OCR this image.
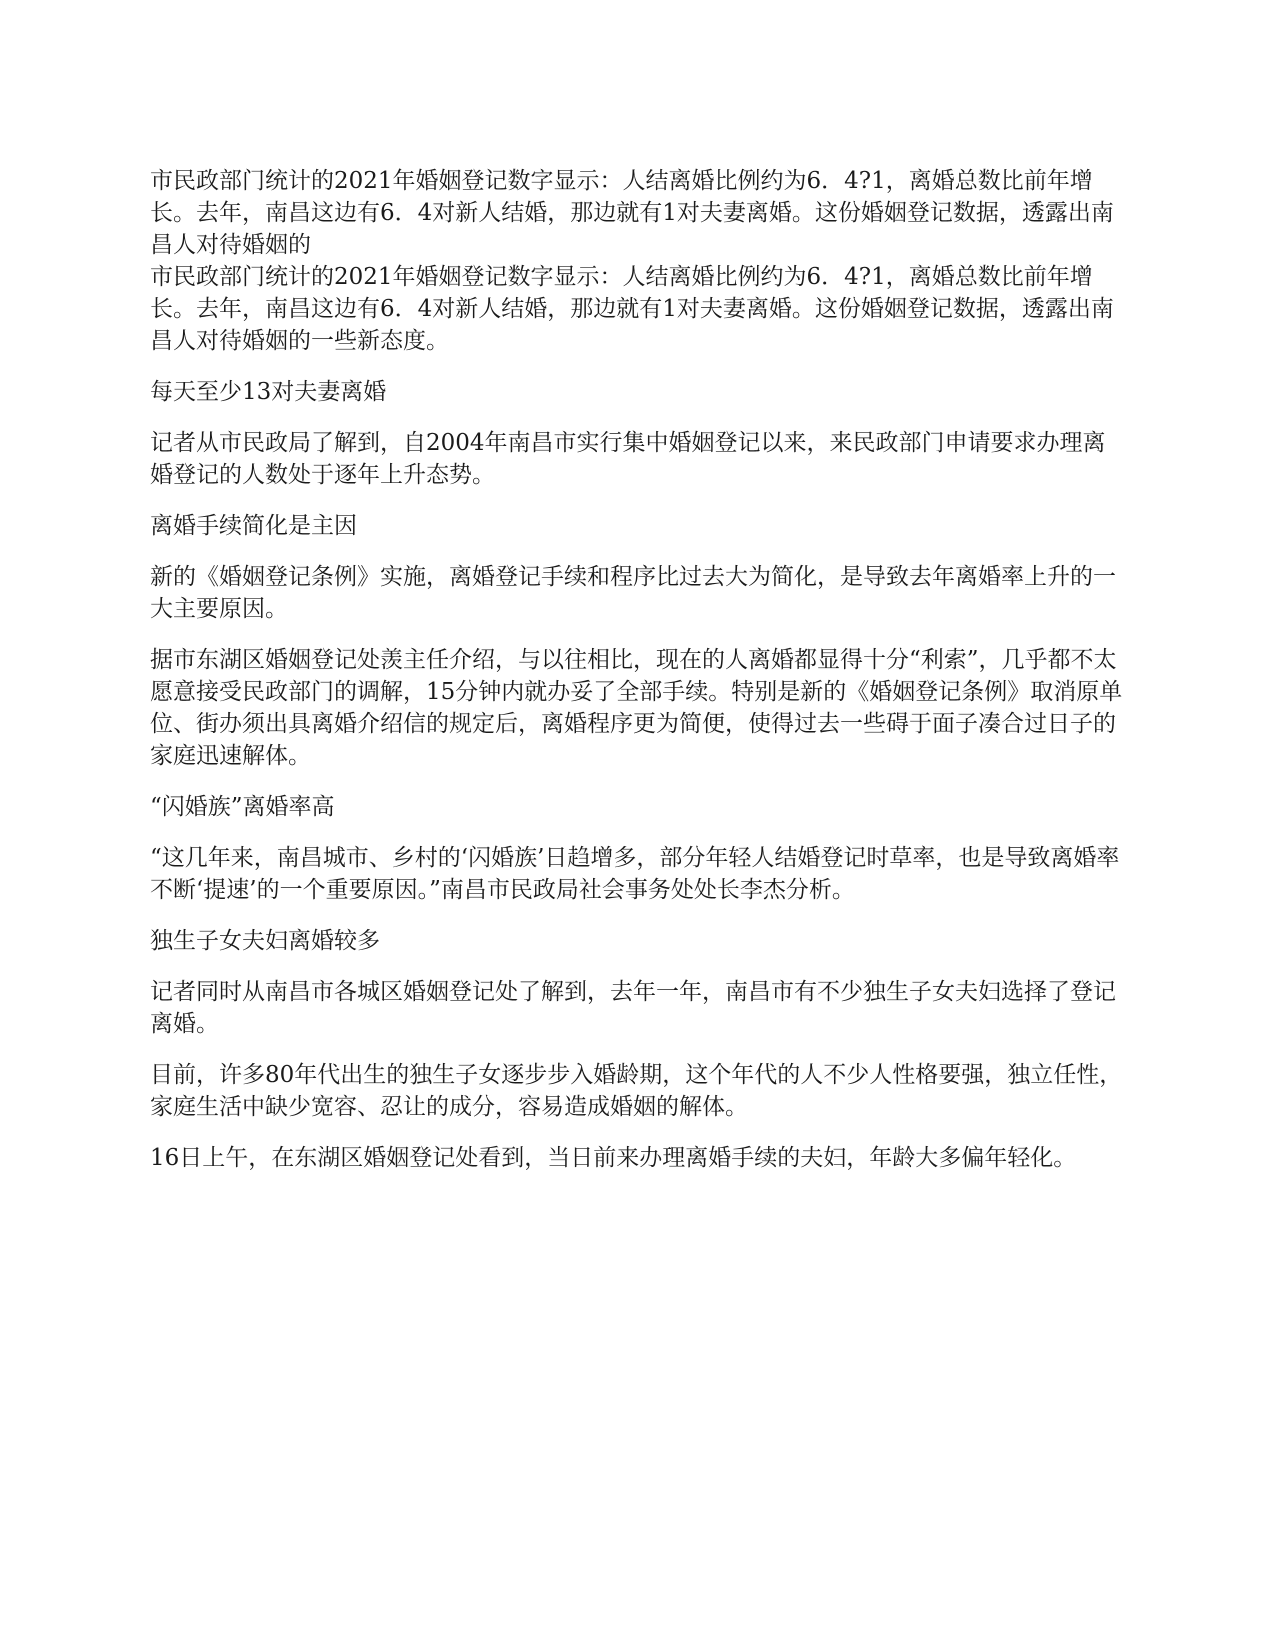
市民政部门统计的2021年婚姻登记数字显示：人结离婚比例约为6．4?1，离婚总数比前年增长。去年，南昌这边有6．4对新人结婚，那边就有1对夫妻离婚。这份婚姻登记数据，透露出南昌人对待婚姻的

市民政部门统计的2021年婚姻登记数字显示：人结离婚比例约为6．4?1，离婚总数比前年增长。去年，南昌这边有6．4对新人结婚，那边就有1对夫妻离婚。这份婚姻登记数据，透露出南昌人对待婚姻的一些新态度。

每天至少13对夫妻离婚

记者从市民政局了解到，自2004年南昌市实行集中婚姻登记以来，来民政部门申请要求办理离婚登记的人数处于逐年上升态势。

离婚手续简化是主因

新的《婚姻登记条例》实施，离婚登记手续和程序比过去大为简化，是导致去年离婚率上升的一大主要原因。

据市东湖区婚姻登记处羡主任介绍，与以往相比，现在的人离婚都显得十分“利索”，几乎都不太愿意接受民政部门的调解，15分钟内就办妥了全部手续。特别是新的《婚姻登记条例》取消原单位、街办须出具离婚介绍信的规定后，离婚程序更为简便，使得过去一些碍于面子凑合过日子的家庭迅速解体。

“闪婚族”离婚率高

“这几年来，南昌城市、乡村的‘闪婚族’日趋增多，部分年轻人结婚登记时草率，也是导致离婚率不断‘提速’的一个重要原因。”南昌市民政局社会事务处处长李杰分析。

独生子女夫妇离婚较多

记者同时从南昌市各城区婚姻登记处了解到，去年一年，南昌市有不少独生子女夫妇选择了登记离婚。

目前，许多80年代出生的独生子女逐步步入婚龄期，这个年代的人不少人性格要强，独立任性，家庭生活中缺少宽容、忍让的成分，容易造成婚姻的解体。

16日上午，在东湖区婚姻登记处看到，当日前来办理离婚手续的夫妇，年龄大多偏年轻化。
